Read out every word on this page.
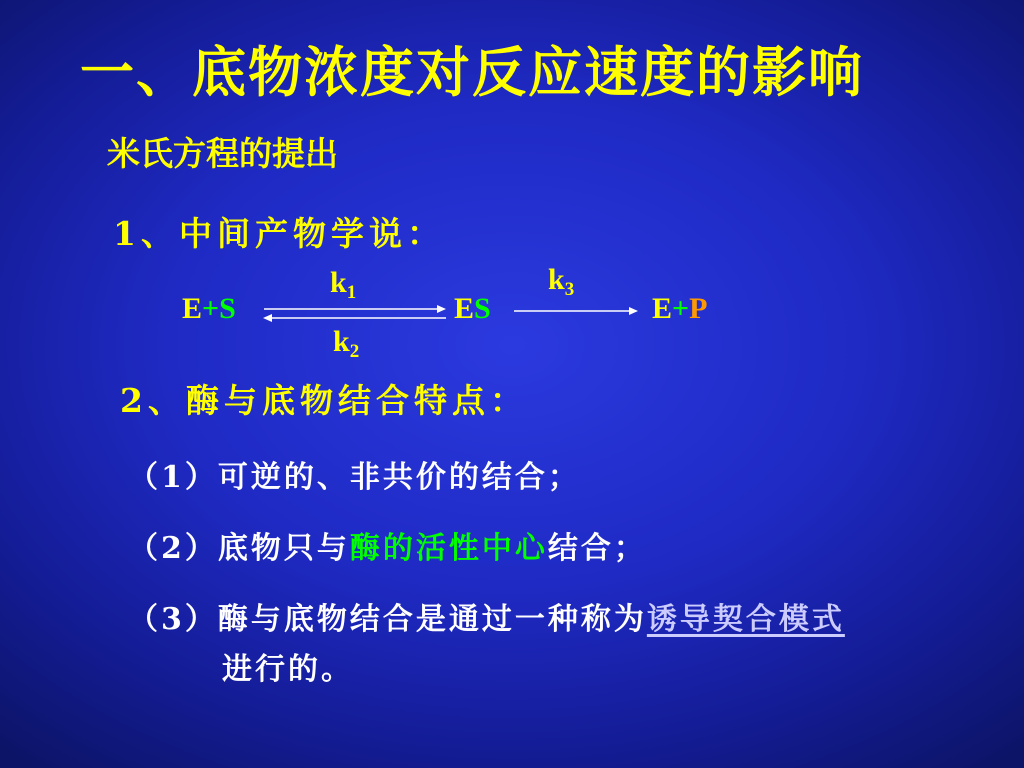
一、底物浓度对反应速度的影响
米氏方程的提出
1、中间产物学说：
E+S
$k_1$
$k_2$
ES
$k_3$
E+P
2、酶与底物结合特点：
（1）可逆的、非共价的结合；
（2）底物只与酶的活性中心结合；
（3）酶与底物结合是通过一种称为诱导契合模式
进行的。
